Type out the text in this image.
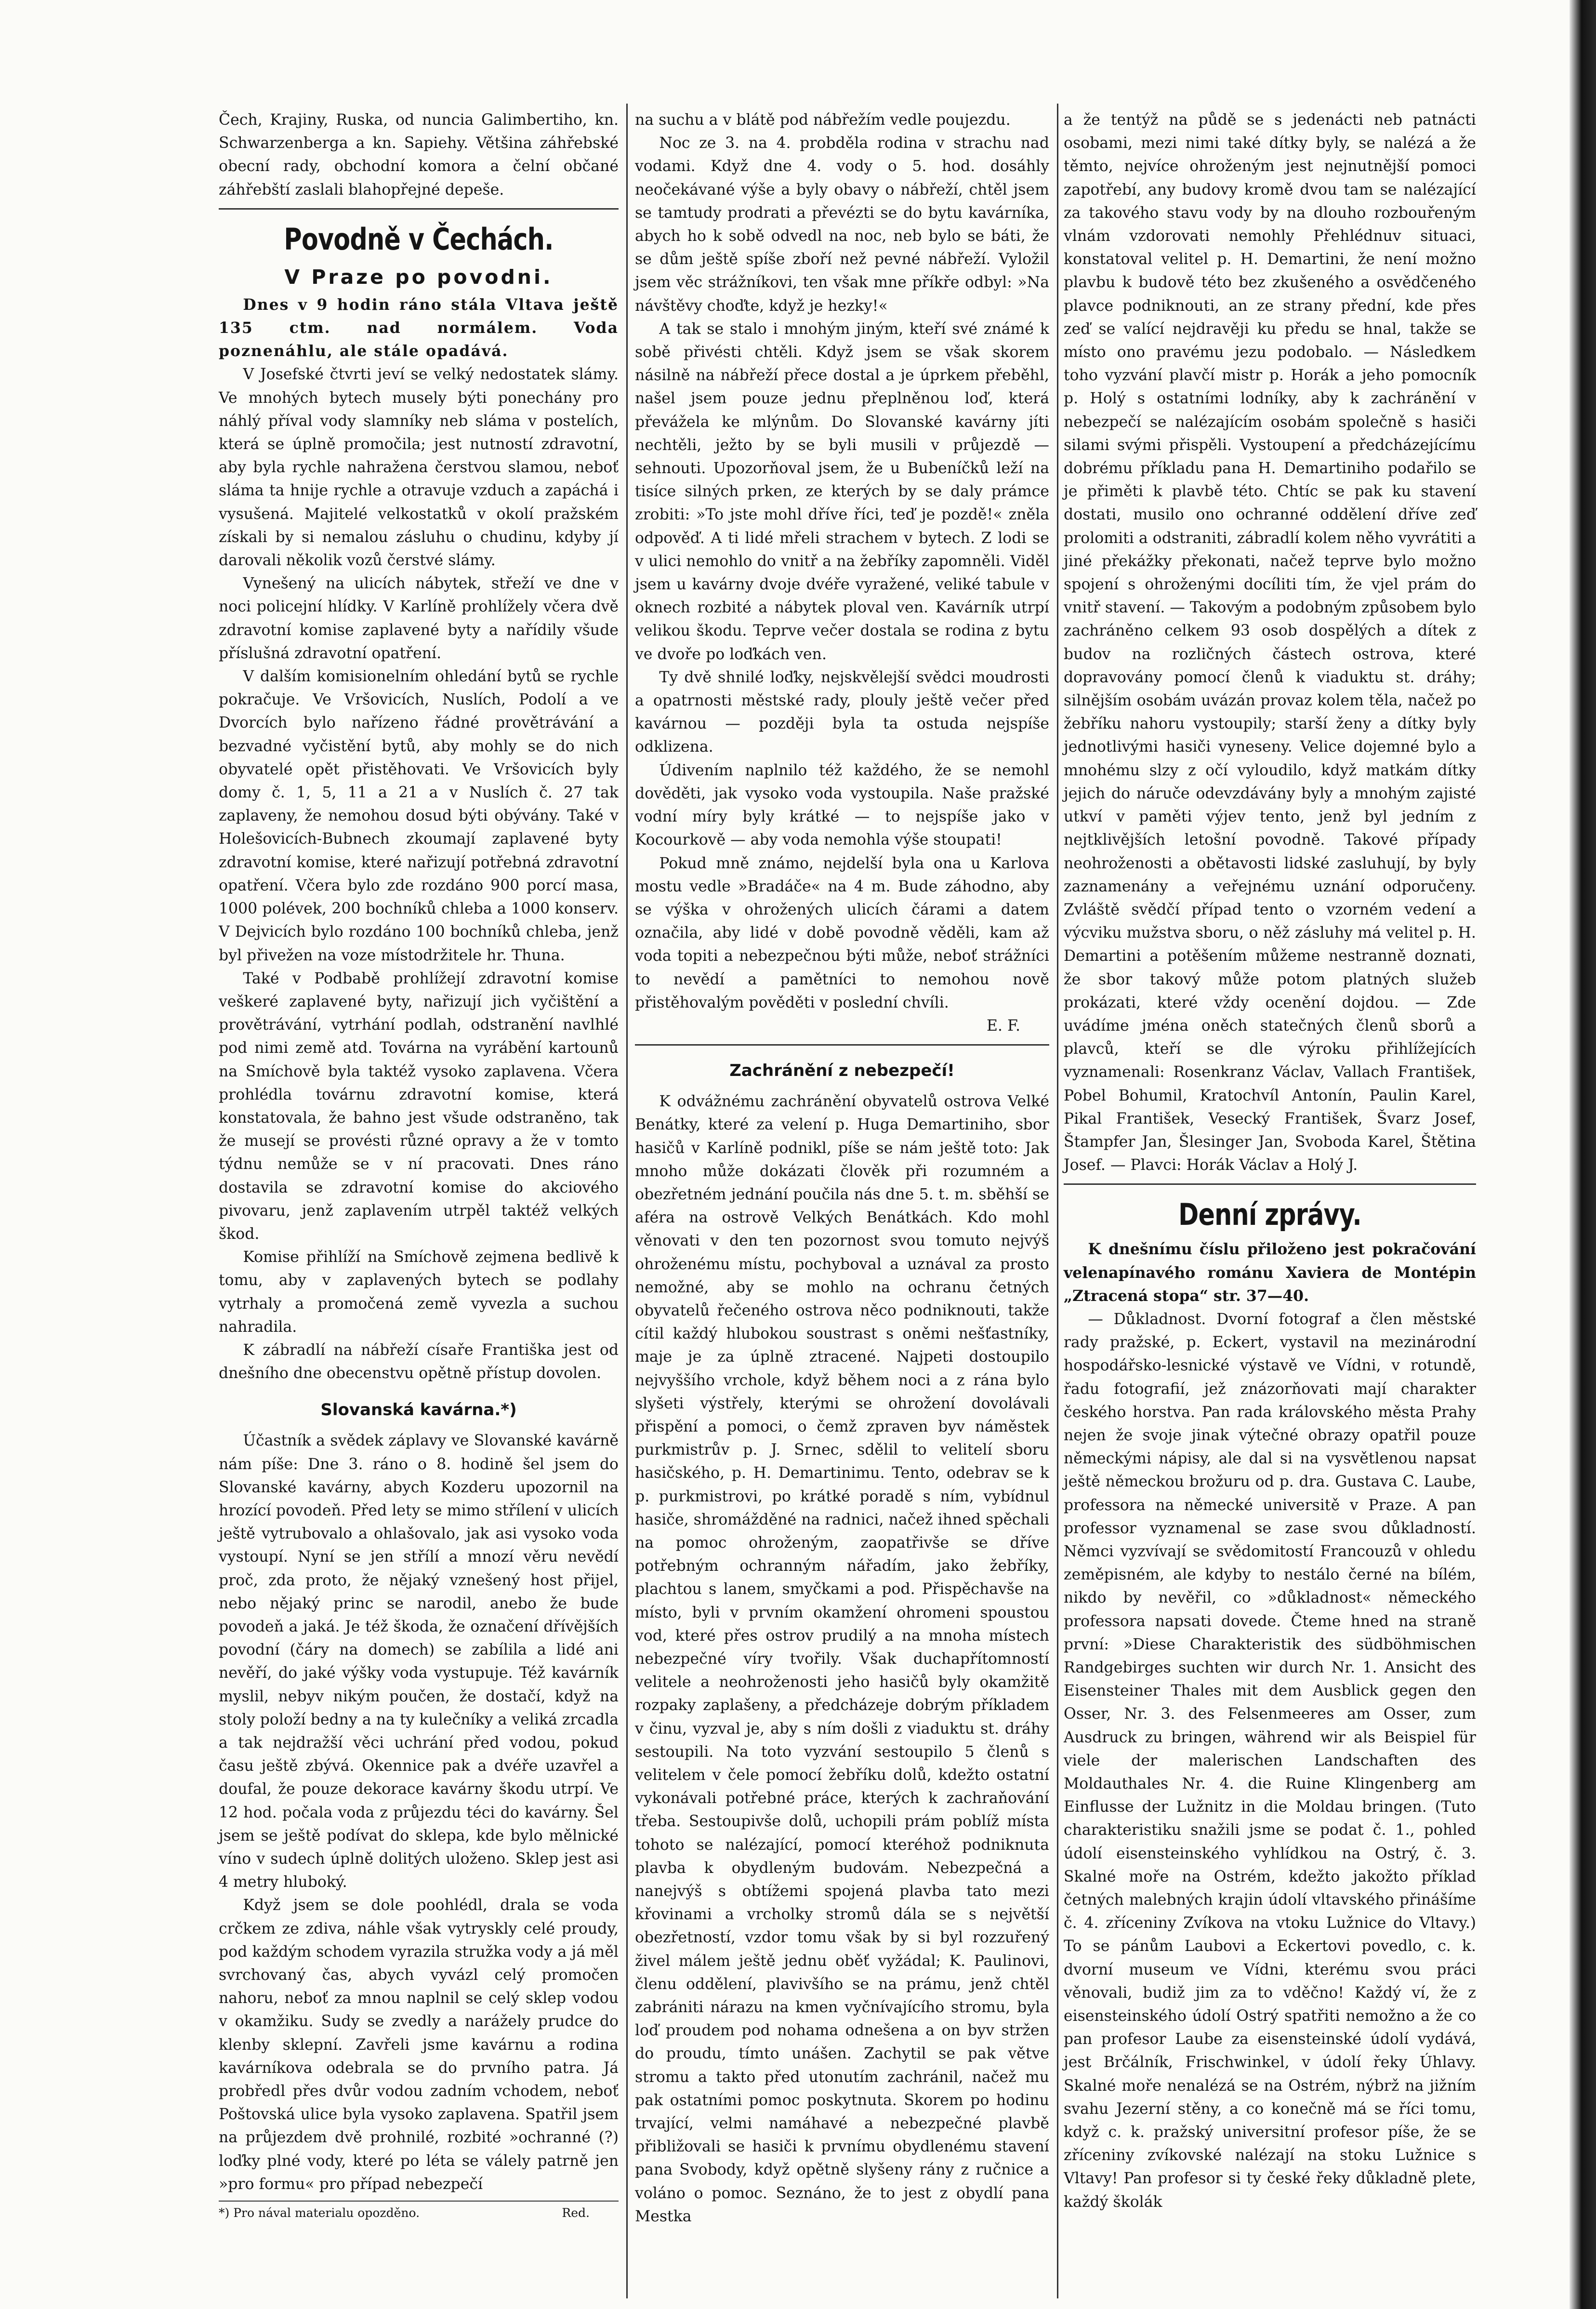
Čech, Krajiny, Ruska, od nuncia Galimbertiho, kn. Schwarzenberga a kn. Sapiehy. Většina záhřebské obecní rady, obchodní komora a čelní občané záhřebští zaslali blahopřejné depeše.

Povodně v Čechách.
V Praze po povodni.

Dnes v 9 hodin ráno stála Vltava ještě 135 ctm. nad normálem. Voda poznenáhlu, ale stále opadává.

V Josefské čtvrti jeví se velký nedostatek slámy. Ve mnohých bytech musely býti ponechány pro náhlý příval vody slamníky neb sláma v postelích, která se úplně promočila; jest nutností zdravotní, aby byla rychle nahražena čerstvou slamou, neboť sláma ta hnije rychle a otravuje vzduch a zapáchá i vysušená. Majitelé velkostatků v okolí pražském získali by si nemalou zásluhu o chudinu, kdyby jí darovali několik vozů čerstvé slámy.

Vynešený na ulicích nábytek, střeží ve dne v noci policejní hlídky. V Karlíně prohlížely včera dvě zdravotní komise zaplavené byty a nařídily všude příslušná zdravotní opatření.

V dalším komisionelním ohledání bytů se rychle pokračuje. Ve Vršovicích, Nuslích, Podolí a ve Dvorcích bylo nařízeno řádné provětrávání a bezvadné vyčistění bytů, aby mohly se do nich obyvatelé opět přistěhovati. Ve Vršovicích byly domy č. 1, 5, 11 a 21 a v Nuslích č. 27 tak zaplaveny, že nemohou dosud býti obývány. Také v Holešovicích-Bubnech zkoumají zaplavené byty zdravotní komise, které nařizují potřebná zdravotní opatření. Včera bylo zde rozdáno 900 porcí masa, 1000 polévek, 200 bochníků chleba a 1000 konserv. V Dejvicích bylo rozdáno 100 bochníků chleba, jenž byl přivežen na voze místodržitele hr. Thuna.

Také v Podbabě prohlížejí zdravotní komise veškeré zaplavené byty, nařizují jich vyčištění a provětrávání, vytrhání podlah, odstranění navlhlé pod nimi země atd. Továrna na vyrábění kartounů na Smíchově byla taktéž vysoko zaplavena. Včera prohlédla továrnu zdravotní komise, která konstatovala, že bahno jest všude odstraněno, tak že musejí se provésti různé opravy a že v tomto týdnu nemůže se v ní pracovati. Dnes ráno dostavila se zdravotní komise do akciového pivovaru, jenž zaplavením utrpěl taktéž velkých škod.

Komise přihlíží na Smíchově zejmena bedlivě k tomu, aby v zaplavených bytech se podlahy vytrhaly a promočená země vyvezla a suchou nahradila.

K zábradlí na nábřeží císaře Františka jest od dnešního dne obecenstvu opětně přístup dovolen.

Slovanská kavárna.*)

Účastník a svědek záplavy ve Slovanské kavárně nám píše: Dne 3. ráno o 8. hodině šel jsem do Slovanské kavárny, abych Kozderu upozornil na hrozící povodeň. Před lety se mimo střílení v ulicích ještě vytrubovalo a ohlašovalo, jak asi vysoko voda vystoupí. Nyní se jen střílí a mnozí věru nevědí proč, zda proto, že nějaký vznešený host přijel, nebo nějaký princ se narodil, anebo že bude povodeň a jaká. Je též škoda, že označení dřívějších povodní (čáry na domech) se zabílila a lidé ani nevěří, do jaké výšky voda vystupuje. Též kavárník myslil, nebyv nikým poučen, že dostačí, když na stoly položí bedny a na ty kulečníky a veliká zrcadla a tak nejdražší věci uchrání před vodou, pokud času ještě zbývá. Okennice pak a dvéře uzavřel a doufal, že pouze dekorace kavárny škodu utrpí. Ve 12 hod. počala voda z průjezdu téci do kavárny. Šel jsem se ještě podívat do sklepa, kde bylo mělnické víno v sudech úplně dolitých uloženo. Sklep jest asi 4 metry hluboký.

Když jsem se dole poohlédl, drala se voda crčkem ze zdiva, náhle však vytryskly celé proudy, pod každým schodem vyrazila stružka vody a já měl svrchovaný čas, abych vyvázl celý promočen nahoru, neboť za mnou naplnil se celý sklep vodou v okamžiku. Sudy se zvedly a narážely prudce do klenby sklepní. Zavřeli jsme kavárnu a rodina kavárníkova odebrala se do prvního patra. Já probředl přes dvůr vodou zadním vchodem, neboť Poštovská ulice byla vysoko zaplavena. Spatřil jsem na průjezdem dvě prohnilé, rozbité »ochranné (?) loďky plné vody, které po léta se válely patrně jen »pro formu« pro případ nebezpečí

*) Pro nával materialu opozděno.	Red.

na suchu a v blátě pod nábřežím vedle poujezdu.

Noc ze 3. na 4. probděla rodina v strachu nad vodami. Když dne 4. vody o 5. hod. dosáhly neočekávané výše a byly obavy o nábřeží, chtěl jsem se tamtudy prodrati a převézti se do bytu kavárníka, abych ho k sobě odvedl na noc, neb bylo se báti, že se dům ještě spíše zboří než pevné nábřeží. Vyložil jsem věc strážníkovi, ten však mne příkře odbyl: »Na návštěvy choďte, když je hezky!«

A tak se stalo i mnohým jiným, kteří své známé k sobě přivésti chtěli. Když jsem se však skorem násilně na nábřeží přece dostal a je úprkem přeběhl, našel jsem pouze jednu přeplněnou loď, která převážela ke mlýnům. Do Slovanské kavárny jíti nechtěli, ježto by se byli musili v průjezdě — sehnouti. Upozorňoval jsem, že u Bubeníčků leží na tisíce silných prken, ze kterých by se daly prámce zrobiti: »To jste mohl dříve říci, teď je pozdě!« zněla odpověď. A ti lidé mřeli strachem v bytech. Z lodi se v ulici nemohlo do vnitř a na žebříky zapomněli. Viděl jsem u kavárny dvoje dvéře vyražené, veliké tabule v oknech rozbité a nábytek ploval ven. Kavárník utrpí velikou škodu. Teprve večer dostala se rodina z bytu ve dvoře po loďkách ven.

Ty dvě shnilé loďky, nejskvělejší svědci moudrosti a opatrnosti městské rady, plouly ještě večer před kavárnou — později byla ta ostuda nejspíše odklizena.

Údivením naplnilo též každého, že se nemohl dověděti, jak vysoko voda vystoupila. Naše pražské vodní míry byly krátké — to nejspíše jako v Kocourkově — aby voda nemohla výše stoupati!

Pokud mně známo, nejdelší byla ona u Karlova mostu vedle »Bradáče« na 4 m. Bude záhodno, aby se výška v ohrožených ulicích čárami a datem označila, aby lidé v době povodně věděli, kam až voda topiti a nebezpečnou býti může, neboť strážníci to nevědí a pamětníci to nemohou nově přistěhovalým pověděti v poslední chvíli.

E. F.

Zachránění z nebezpečí!

K odvážnému zachránění obyvatelů ostrova Velké Benátky, které za velení p. Huga Demartiniho, sbor hasičů v Karlíně podnikl, píše se nám ještě toto: Jak mnoho může dokázati člověk při rozumném a obezřetném jednání poučila nás dne 5. t. m. sběhší se aféra na ostrově Velkých Benátkách. Kdo mohl věnovati v den ten pozornost svou tomuto nejvýš ohroženému místu, pochyboval a uznával za prosto nemožné, aby se mohlo na ochranu četných obyvatelů řečeného ostrova něco podniknouti, takže cítil každý hlubokou soustrast s oněmi nešťastníky, maje je za úplně ztracené. Najpeti dostoupilo nejvyššího vrchole, když během noci a z rána bylo slyšeti výstřely, kterými se ohrožení dovolávali přispění a pomoci, o čemž zpraven byv náměstek purkmistrův p. J. Srnec, sdělil to velitelí sboru hasičského, p. H. Demartinimu. Tento, odebrav se k p. purkmistrovi, po krátké poradě s ním, vybídnul hasiče, shromážděné na radnici, načež ihned spěchali na pomoc ohroženým, zaopatřivše se dříve potřebným ochranným nářadím, jako žebříky, plachtou s lanem, smyčkami a pod. Přispěchavše na místo, byli v prvním okamžení ohromeni spoustou vod, které přes ostrov prudilý a na mnoha místech nebezpečné víry tvořily. Však duchapřítomností velitele a neohroženosti jeho hasičů byly okamžitě rozpaky zaplašeny, a předcházeje dobrým příkladem v činu, vyzval je, aby s ním došli z viaduktu st. dráhy sestoupili. Na toto vyzvání sestoupilo 5 členů s velitelem v čele pomocí žebříku dolů, kdežto ostatní vykonávali potřebné práce, kterých k zachraňování třeba. Sestoupivše dolů, uchopili prám poblíž místa tohoto se nalézající, pomocí kteréhož podniknuta plavba k obydleným budovám. Nebezpečná a nanejvýš s obtížemi spojená plavba tato mezi křovinami a vrcholky stromů dála se s největší obezřetností, vzdor tomu však by si byl rozzuřený živel málem ještě jednu oběť vyžádal; K. Paulinovi, členu oddělení, plavivšího se na prámu, jenž chtěl zabrániti nárazu na kmen vyčnívajícího stromu, byla loď proudem pod nohama odnešena a on byv stržen do proudu, tímto unášen. Zachytil se pak větve stromu a takto před utonutím zachránil, načež mu pak ostatními pomoc poskytnuta. Skorem po hodinu trvající, velmi namáhavé a nebezpečné plavbě přibližovali se hasiči k prvnímu obydlenému stavení pana Svobody, když opětně slyšeny rány z ručnice a voláno o pomoc. Seznáno, že to jest z obydlí pana Mestka

a že tentýž na půdě se s jedenácti neb patnácti osobami, mezi nimi také dítky byly, se nalézá a že těmto, nejvíce ohroženým jest nejnutnější pomoci zapotřebí, any budovy kromě dvou tam se nalézající za takového stavu vody by na dlouho rozbouřeným vlnám vzdorovati nemohly Přehlédnuv situaci, konstatoval velitel p. H. Demartini, že není možno plavbu k budově této bez zkušeného a osvědčeného plavce podniknouti, an ze strany přední, kde přes zeď se valící nejdravěji ku předu se hnal, takže se místo ono pravému jezu podobalo. — Následkem toho vyzvání plavčí mistr p. Horák a jeho pomocník p. Holý s ostatními lodníky, aby k zachránění v nebezpečí se nalézajícím osobám společně s hasiči silami svými přispěli. Vystoupení a předcházejícímu dobrému příkladu pana H. Demartiniho podařilo se je přiměti k plavbě této. Chtíc se pak ku stavení dostati, musilo ono ochranné oddělení dříve zeď prolomiti a odstraniti, zábradlí kolem něho vyvrátiti a jiné překážky překonati, načež teprve bylo možno spojení s ohroženými docíliti tím, že vjel prám do vnitř stavení. — Takovým a podobným způsobem bylo zachráněno celkem 93 osob dospělých a dítek z budov na rozličných částech ostrova, které dopravovány pomocí členů k viaduktu st. dráhy; silnějším osobám uvázán provaz kolem těla, načež po žebříku nahoru vystoupily; starší ženy a dítky byly jednotlivými hasiči vyneseny. Velice dojemné bylo a mnohému slzy z očí vyloudilo, když matkám dítky jejich do náruče odevzdávány byly a mnohým zajisté utkví v paměti výjev tento, jenž byl jedním z nejtklivějších letošní povodně. Takové případy neohroženosti a obětavosti lidské zasluhují, by byly zaznamenány a veřejnému uznání odporučeny. Zvláště svědčí případ tento o vzorném vedení a výcviku mužstva sboru, o něž zásluhy má velitel p. H. Demartini a potěšením můžeme nestranně doznati, že sbor takový může potom platných služeb prokázati, které vždy ocenění dojdou. — Zde uvádíme jména oněch statečných členů sborů a plavců, kteří se dle výroku přihlížejících vyznamenali: Rosenkranz Václav, Vallach František, Pobel Bohumil, Kratochvíl Antonín, Paulin Karel, Pikal František, Vesecký František, Švarz Josef, Štampfer Jan, Šlesinger Jan, Svoboda Karel, Štětina Josef. — Plavci: Horák Václav a Holý J.

Denní zprávy.

K dnešnímu číslu přiloženo jest pokračování velenapínavého románu Xaviera de Montépin „Ztracená stopa“ str. 37—40.

— Důkladnost. Dvorní fotograf a člen městské rady pražské, p. Eckert, vystavil na mezinárodní hospodářsko-lesnické výstavě ve Vídni, v rotundě, řadu fotografií, jež znázorňovati mají charakter českého horstva. Pan rada královského města Prahy nejen že svoje jinak výtečné obrazy opatřil pouze německými nápisy, ale dal si na vysvětlenou napsat ještě německou brožuru od p. dra. Gustava C. Laube, professora na německé universitě v Praze. A pan professor vyznamenal se zase svou důkladností. Němci vyzvívají se svědomitostí Francouzů v ohledu zeměpisném, ale kdyby to nestálo černé na bílém, nikdo by nevěřil, co »důkladnost« německého professora napsati dovede. Čteme hned na straně první: »Diese Charakteristik des südböhmischen Randgebirges suchten wir durch Nr. 1. Ansicht des Eisensteiner Thales mit dem Ausblick gegen den Osser, Nr. 3. des Felsenmeeres am Osser, zum Ausdruck zu bringen, während wir als Beispiel für viele der malerischen Landschaften des Moldauthales Nr. 4. die Ruine Klingenberg am Einflusse der Lužnitz in die Moldau bringen. (Tuto charakteristiku snažili jsme se podat č. 1., pohled údolí eisensteinského vyhlídkou na Ostrý, č. 3. Skalné moře na Ostrém, kdežto jakožto příklad četných malebných krajin údolí vltavského přinášíme č. 4. zříceniny Zvíkova na vtoku Lužnice do Vltavy.) To se pánům Laubovi a Eckertovi povedlo, c. k. dvorní museum ve Vídni, kterému svou práci věnovali, budiž jim za to vděčno! Každý ví, že z eisensteinského údolí Ostrý spatřiti nemožno a že co pan profesor Laube za eisensteinské údolí vydává, jest Brčálník, Frischwinkel, v údolí řeky Úhlavy. Skalné moře nenalézá se na Ostrém, nýbrž na jižním svahu Jezerní stěny, a co konečně má se říci tomu, když c. k. pražský universitní profesor píše, že se zříceniny zvíkovské nalézají na stoku Lužnice s Vltavy! Pan profesor si ty české řeky důkladně plete, každý školák
